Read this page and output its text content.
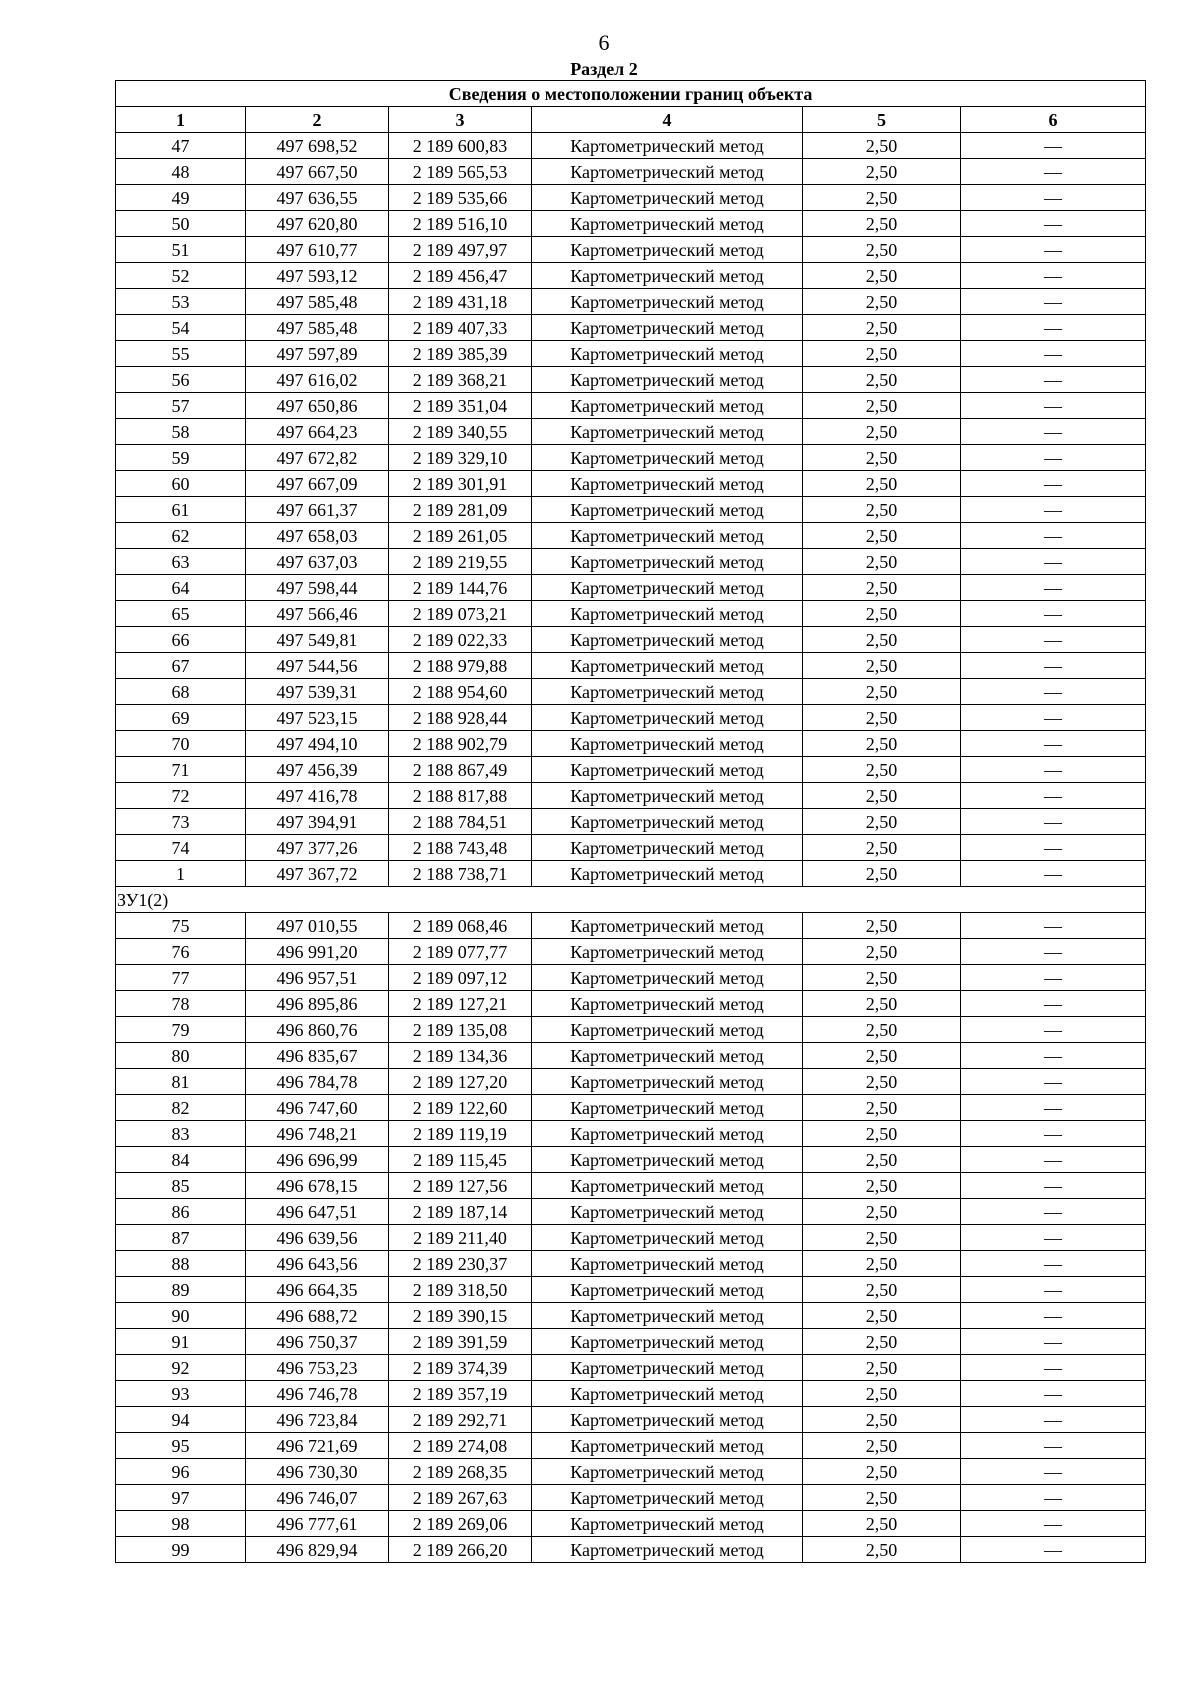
6
Раздел 2
Сведения о местоположении границ объекта					
1	2	3	4	5	6
47	497 698,52	2 189 600,83	Картометрический метод	2,50	—
48	497 667,50	2 189 565,53	Картометрический метод	2,50	—
49	497 636,55	2 189 535,66	Картометрический метод	2,50	—
50	497 620,80	2 189 516,10	Картометрический метод	2,50	—
51	497 610,77	2 189 497,97	Картометрический метод	2,50	—
52	497 593,12	2 189 456,47	Картометрический метод	2,50	—
53	497 585,48	2 189 431,18	Картометрический метод	2,50	—
54	497 585,48	2 189 407,33	Картометрический метод	2,50	—
55	497 597,89	2 189 385,39	Картометрический метод	2,50	—
56	497 616,02	2 189 368,21	Картометрический метод	2,50	—
57	497 650,86	2 189 351,04	Картометрический метод	2,50	—
58	497 664,23	2 189 340,55	Картометрический метод	2,50	—
59	497 672,82	2 189 329,10	Картометрический метод	2,50	—
60	497 667,09	2 189 301,91	Картометрический метод	2,50	—
61	497 661,37	2 189 281,09	Картометрический метод	2,50	—
62	497 658,03	2 189 261,05	Картометрический метод	2,50	—
63	497 637,03	2 189 219,55	Картометрический метод	2,50	—
64	497 598,44	2 189 144,76	Картометрический метод	2,50	—
65	497 566,46	2 189 073,21	Картометрический метод	2,50	—
66	497 549,81	2 189 022,33	Картометрический метод	2,50	—
67	497 544,56	2 188 979,88	Картометрический метод	2,50	—
68	497 539,31	2 188 954,60	Картометрический метод	2,50	—
69	497 523,15	2 188 928,44	Картометрический метод	2,50	—
70	497 494,10	2 188 902,79	Картометрический метод	2,50	—
71	497 456,39	2 188 867,49	Картометрический метод	2,50	—
72	497 416,78	2 188 817,88	Картометрический метод	2,50	—
73	497 394,91	2 188 784,51	Картометрический метод	2,50	—
74	497 377,26	2 188 743,48	Картометрический метод	2,50	—
1	497 367,72	2 188 738,71	Картометрический метод	2,50	—
ЗУ1(2)					
75	497 010,55	2 189 068,46	Картометрический метод	2,50	—
76	496 991,20	2 189 077,77	Картометрический метод	2,50	—
77	496 957,51	2 189 097,12	Картометрический метод	2,50	—
78	496 895,86	2 189 127,21	Картометрический метод	2,50	—
79	496 860,76	2 189 135,08	Картометрический метод	2,50	—
80	496 835,67	2 189 134,36	Картометрический метод	2,50	—
81	496 784,78	2 189 127,20	Картометрический метод	2,50	—
82	496 747,60	2 189 122,60	Картометрический метод	2,50	—
83	496 748,21	2 189 119,19	Картометрический метод	2,50	—
84	496 696,99	2 189 115,45	Картометрический метод	2,50	—
85	496 678,15	2 189 127,56	Картометрический метод	2,50	—
86	496 647,51	2 189 187,14	Картометрический метод	2,50	—
87	496 639,56	2 189 211,40	Картометрический метод	2,50	—
88	496 643,56	2 189 230,37	Картометрический метод	2,50	—
89	496 664,35	2 189 318,50	Картометрический метод	2,50	—
90	496 688,72	2 189 390,15	Картометрический метод	2,50	—
91	496 750,37	2 189 391,59	Картометрический метод	2,50	—
92	496 753,23	2 189 374,39	Картометрический метод	2,50	—
93	496 746,78	2 189 357,19	Картометрический метод	2,50	—
94	496 723,84	2 189 292,71	Картометрический метод	2,50	—
95	496 721,69	2 189 274,08	Картометрический метод	2,50	—
96	496 730,30	2 189 268,35	Картометрический метод	2,50	—
97	496 746,07	2 189 267,63	Картометрический метод	2,50	—
98	496 777,61	2 189 269,06	Картометрический метод	2,50	—
99	496 829,94	2 189 266,20	Картометрический метод	2,50	—
